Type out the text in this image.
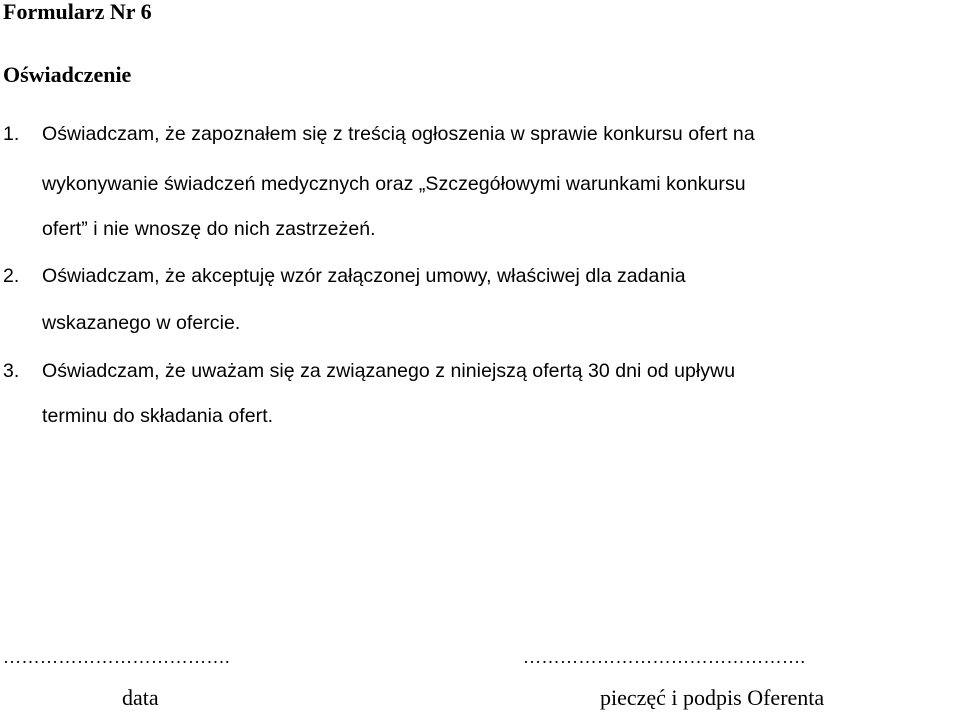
Formularz Nr 6
Oświadczenie
1. Oświadczam, że zapoznałem się z treścią ogłoszenia w sprawie konkursu ofert na
wykonywanie świadczeń medycznych oraz „Szczegółowymi warunkami konkursu
ofert” i nie wnoszę do nich zastrzeżeń.
2. Oświadczam, że akceptuję wzór załączonej umowy, właściwej dla zadania
wskazanego w ofercie.
3. Oświadczam, że uważam się za związanego z niniejszą ofertą 30 dni od upływu
terminu do składania ofert.
……………………………….	……………………………………….
data	pieczęć i podpis Oferenta
